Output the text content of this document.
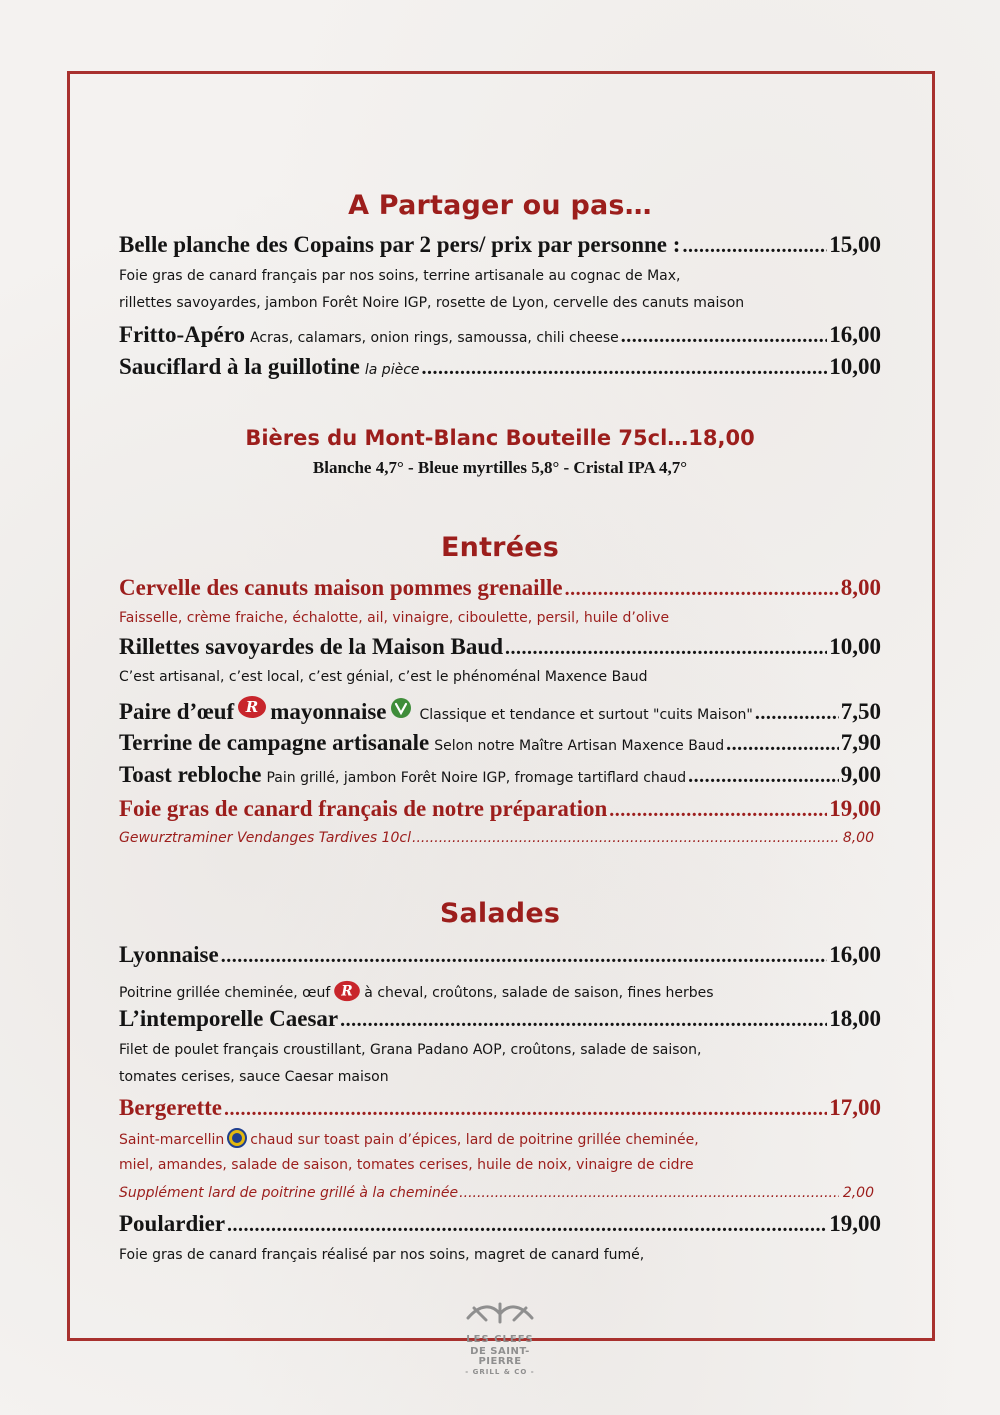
A Partager ou pas…
Belle planche des Copains par 2 pers/ prix par personne : .....	15,00
Foie gras de canard français par nos soins, terrine artisanale au cognac de Max,
rillettes savoyardes, jambon Forêt Noire IGP, rosette de Lyon, cervelle des canuts maison
Fritto-Apéro Acras, calamars, onion rings, samoussa, chili cheese .....	16,00
Sauciflard à la guillotine la pièce .....	10,00
Bières du Mont-Blanc Bouteille 75cl…18,00
Blanche 4,7° - Bleue myrtilles 5,8° - Cristal IPA 4,7°
Entrées
Cervelle des canuts maison pommes grenaille .....	8,00
Faisselle, crème fraiche, échalotte, ail, vinaigre, ciboulette, persil, huile d’olive
Rillettes savoyardes de la Maison Baud .....	10,00
C’est artisanal, c’est local, c’est génial, c’est le phénoménal Maxence Baud
Paire d’œuf R mayonnaise Classique et tendance et surtout "cuits Maison" .....	7,50
Terrine de campagne artisanale Selon notre Maître Artisan Maxence Baud .....	7,90
Toast rebloche Pain grillé, jambon Forêt Noire IGP, fromage tartiflard chaud .....	9,00
Foie gras de canard français de notre préparation .....	19,00
Gewurztraminer Vendanges Tardives 10cl .....	8,00
Salades
Lyonnaise .....	16,00
Poitrine grillée cheminée, œuf R à cheval, croûtons, salade de saison, fines herbes
L’intemporelle Caesar .....	18,00
Filet de poulet français croustillant, Grana Padano AOP, croûtons, salade de saison,
tomates cerises, sauce Caesar maison
Bergerette .....	17,00
Saint-marcellin chaud sur toast pain d’épices, lard de poitrine grillée cheminée,
miel, amandes, salade de saison, tomates cerises, huile de noix, vinaigre de cidre
Supplément lard de poitrine grillé à la cheminée .....	2,00
Poulardier .....	19,00
Foie gras de canard français réalisé par nos soins, magret de canard fumé,
LES CLEFS
DE SAINT-PIERRE
- GRILL & CO -
